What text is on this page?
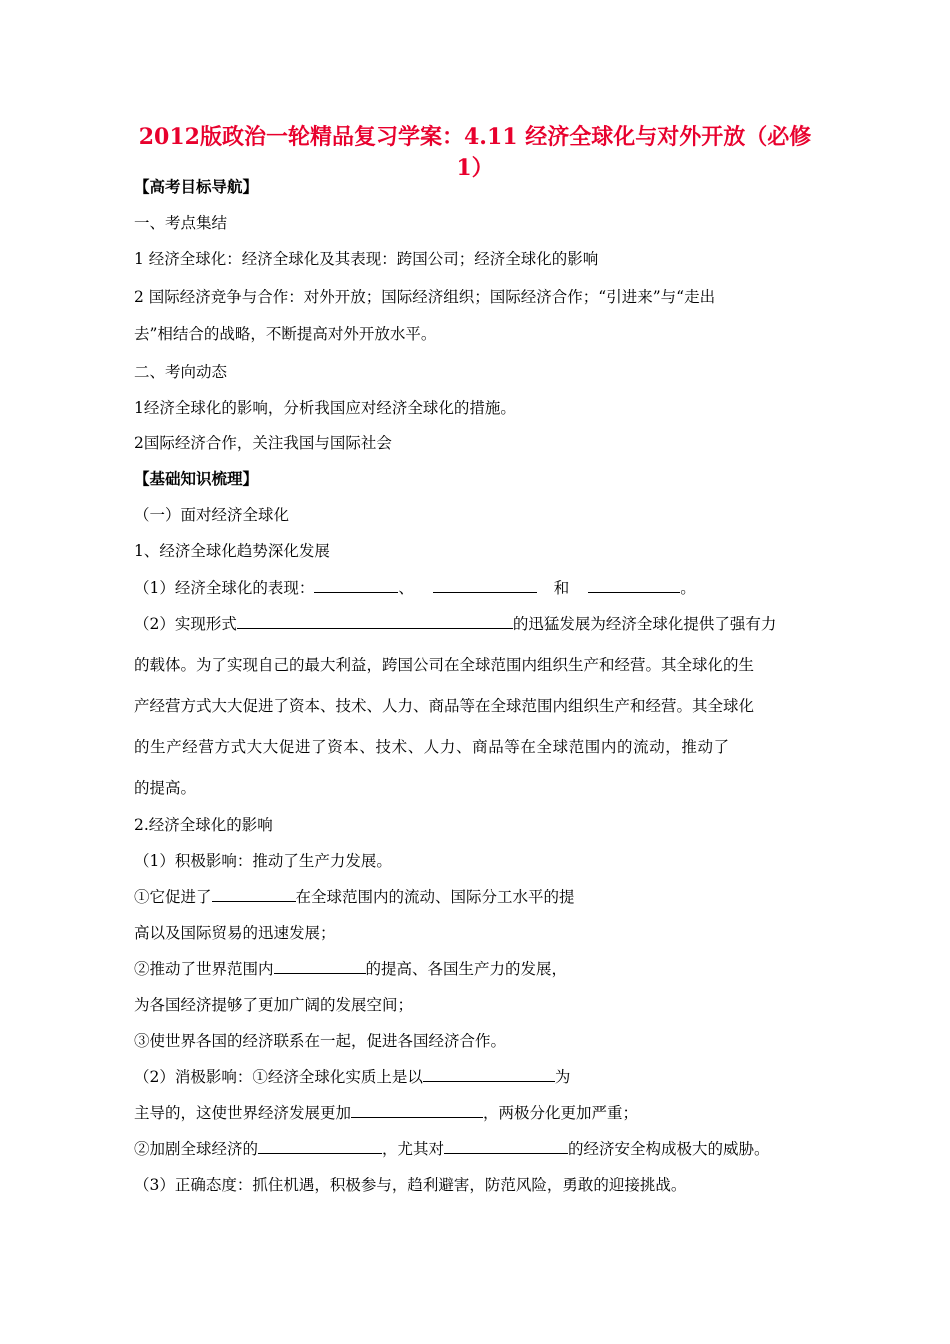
2012版政治一轮精品复习学案：4.11 经济全球化与对外开放（必修
1）
【高考目标导航】
一、考点集结
1 经济全球化：经济全球化及其表现：跨国公司；经济全球化的影响
2 国际经济竞争与合作：对外开放；国际经济组织；国际经济合作；“引进来”与“走出
去”相结合的战略，不断提高对外开放水平。
二、考向动态
1经济全球化的影响，分析我国应对经济全球化的措施。
2国际经济合作，关注我国与国际社会
【基础知识梳理】
（一）面对经济全球化
1、经济全球化趋势深化发展
（1）经济全球化的表现：	、	和	。
（2）实现形式	的迅猛发展为经济全球化提供了强有力
的载体。为了实现自己的最大利益，跨国公司在全球范围内组织生产和经营。其全球化的生
产经营方式大大促进了资本、技术、人力、商品等在全球范围内组织生产和经营。其全球化
的生产经营方式大大促进了资本、技术、人力、商品等在全球范围内的流动，推动了
的提高。
2.经济全球化的影响
（1）积极影响：推动了生产力发展。
①它促进了	在全球范围内的流动、国际分工水平的提
高以及国际贸易的迅速发展；
②推动了世界范围内	的提高、各国生产力的发展，
为各国经济提够了更加广阔的发展空间；
③使世界各国的经济联系在一起，促进各国经济合作。
（2）消极影响：①经济全球化实质上是以	为
主导的，这使世界经济发展更加	，两极分化更加严重；
②加剧全球经济的	，尤其对	的经济安全构成极大的威胁。
（3）正确态度：抓住机遇，积极参与，趋利避害，防范风险，勇敢的迎接挑战。
